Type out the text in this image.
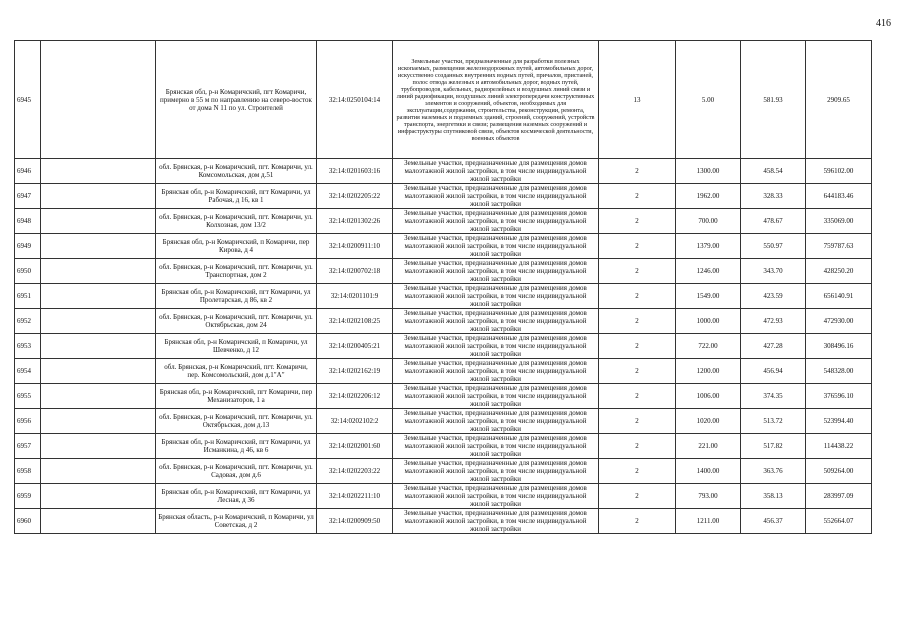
416
6945		Брянская обл, р-н Комаричский, пгт Комаричи, примерно в 55 м по направлению на северо-восток от дома N 11 по ул. Строителей	32:14:0250104:14	Земельные участки, предназначенные для разработки полезных ископаемых, размещения железнодорожных путей, автомобильных дорог, искусственно созданных внутренних водных путей, причалов, пристаней, полос отвода железных и автомобильных дорог, водных путей, трубопроводов, кабельных, радиорелейных и воздушных линий связи и линий радиофикации, воздушных линий электропередачи конструктивных элементов и сооружений, объектов, необходимых для эксплуатации,содержания, строительства, реконструкции, ремонта, развития наземных и подземных зданий, строений, сооружений, устройств транспорта, энергетики и связи; размещения наземных сооружений и инфраструктуры спутниковой связи, объектов космической деятельности, военных объектов	13	5.00	581.93	2909.65
6946		обл. Брянская, р-н Комаричский, пгт. Комаричи, ул. Комсомольская, дом д.51	32:14:0201603:16	Земельные участки, предназначенные для размещения домов малоэтажной жилой застройки, в том числе индивидуальной жилой застройки	2	1300.00	458.54	596102.00
6947		Брянская обл, р-н Комаричский, пгт Комаричи, ул Рабочая, д 16, кв 1	32:14:0202205:22	Земельные участки, предназначенные для размещения домов малоэтажной жилой застройки, в том числе индивидуальной жилой застройки	2	1962.00	328.33	644183.46
6948		обл. Брянская, р-н Комаричский, пгт. Комаричи, ул. Колхозная, дом 13/2	32:14:0201302:26	Земельные участки, предназначенные для размещения домов малоэтажной жилой застройки, в том числе индивидуальной жилой застройки	2	700.00	478.67	335069.00
6949		Брянская обл, р-н Комаричский, п Комаричи, пер Кирова, д 4	32:14:0200911:10	Земельные участки, предназначенные для размещения домов малоэтажной жилой застройки, в том числе индивидуальной жилой застройки	2	1379.00	550.97	759787.63
6950		обл. Брянская, р-н Комаричский, пгт. Комаричи, ул. Транспортная, дом 2	32:14:0200702:18	Земельные участки, предназначенные для размещения домов малоэтажной жилой застройки, в том числе индивидуальной жилой застройки	2	1246.00	343.70	428250.20
6951		Брянская обл, р-н Комаричский, пгт Комаричи, ул Пролетарская, д 86, кв 2	32:14:0201101:9	Земельные участки, предназначенные для размещения домов малоэтажной жилой застройки, в том числе индивидуальной жилой застройки	2	1549.00	423.59	656140.91
6952		обл. Брянская, р-н Комаричский, пгт. Комаричи, ул. Октябрьская, дом 24	32:14:0202108:25	Земельные участки, предназначенные для размещения домов малоэтажной жилой застройки, в том числе индивидуальной жилой застройки	2	1000.00	472.93	472930.00
6953		Брянская обл, р-н Комаричский, п Комаричи, ул Шевченко, д 12	32:14:0200405:21	Земельные участки, предназначенные для размещения домов малоэтажной жилой застройки, в том числе индивидуальной жилой застройки	2	722.00	427.28	308496.16
6954		обл. Брянская, р-н Комаричский, пгт. Комаричи, пер. Комсомольский, дом д.1"А"	32:14:0202162:19	Земельные участки, предназначенные для размещения домов малоэтажной жилой застройки, в том числе индивидуальной жилой застройки	2	1200.00	456.94	548328.00
6955		Брянская обл, р-н Комаричский, пгт Комаричи, пер Механизаторов, 1 а	32:14:0202206:12	Земельные участки, предназначенные для размещения домов малоэтажной жилой застройки, в том числе индивидуальной жилой застройки	2	1006.00	374.35	376596.10
6956		обл. Брянская, р-н Комаричский, пгт. Комаричи, ул. Октябрьская, дом д.13	32:14:0202102:2	Земельные участки, предназначенные для размещения домов малоэтажной жилой застройки, в том числе индивидуальной жилой застройки	2	1020.00	513.72	523994.40
6957		Брянская обл, р-н Комаричский, пгт Комаричи, ул Исманкина, д 46, кв 6	32:14:0202001:60	Земельные участки, предназначенные для размещения домов малоэтажной жилой застройки, в том числе индивидуальной жилой застройки	2	221.00	517.82	114438.22
6958		обл. Брянская, р-н Комаричский, пгт. Комаричи, ул. Садовая, дом д.6	32:14:0202203:22	Земельные участки, предназначенные для размещения домов малоэтажной жилой застройки, в том числе индивидуальной жилой застройки	2	1400.00	363.76	509264.00
6959		Брянская обл, р-н Комаричский, пгт Комаричи, ул Лесная, д 36	32:14:0202211:10	Земельные участки, предназначенные для размещения домов малоэтажной жилой застройки, в том числе индивидуальной жилой застройки	2	793.00	358.13	283997.09
6960		Брянская область, р-н Комаричский, п Комаричи, ул Советская, д 2	32:14:0200909:50	Земельные участки, предназначенные для размещения домов малоэтажной жилой застройки, в том числе индивидуальной жилой застройки	2	1211.00	456.37	552664.07
